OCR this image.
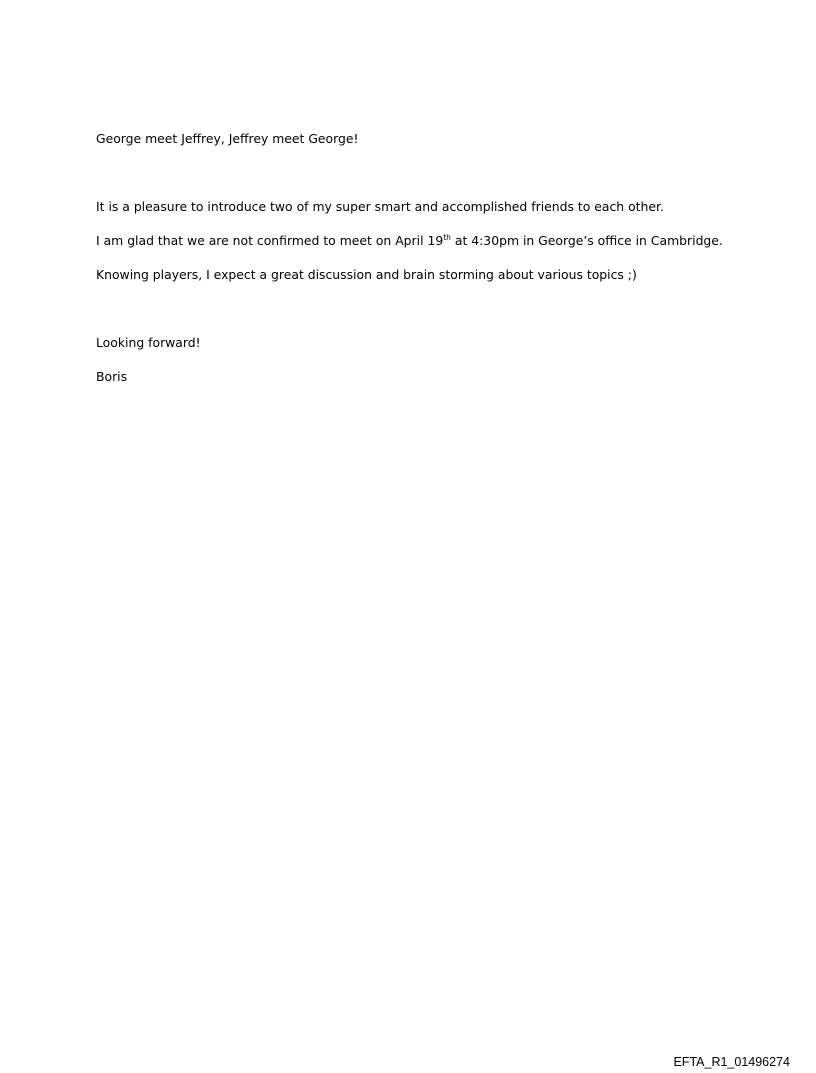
George meet Jeffrey, Jeffrey meet George!
It is a pleasure to introduce two of my super smart and accomplished friends to each other.
I am glad that we are not confirmed to meet on April 19th at 4:30pm in George’s office in Cambridge.
Knowing players, I expect a great discussion and brain storming about various topics ;)
Looking forward!
Boris
EFTA_R1_01496274
